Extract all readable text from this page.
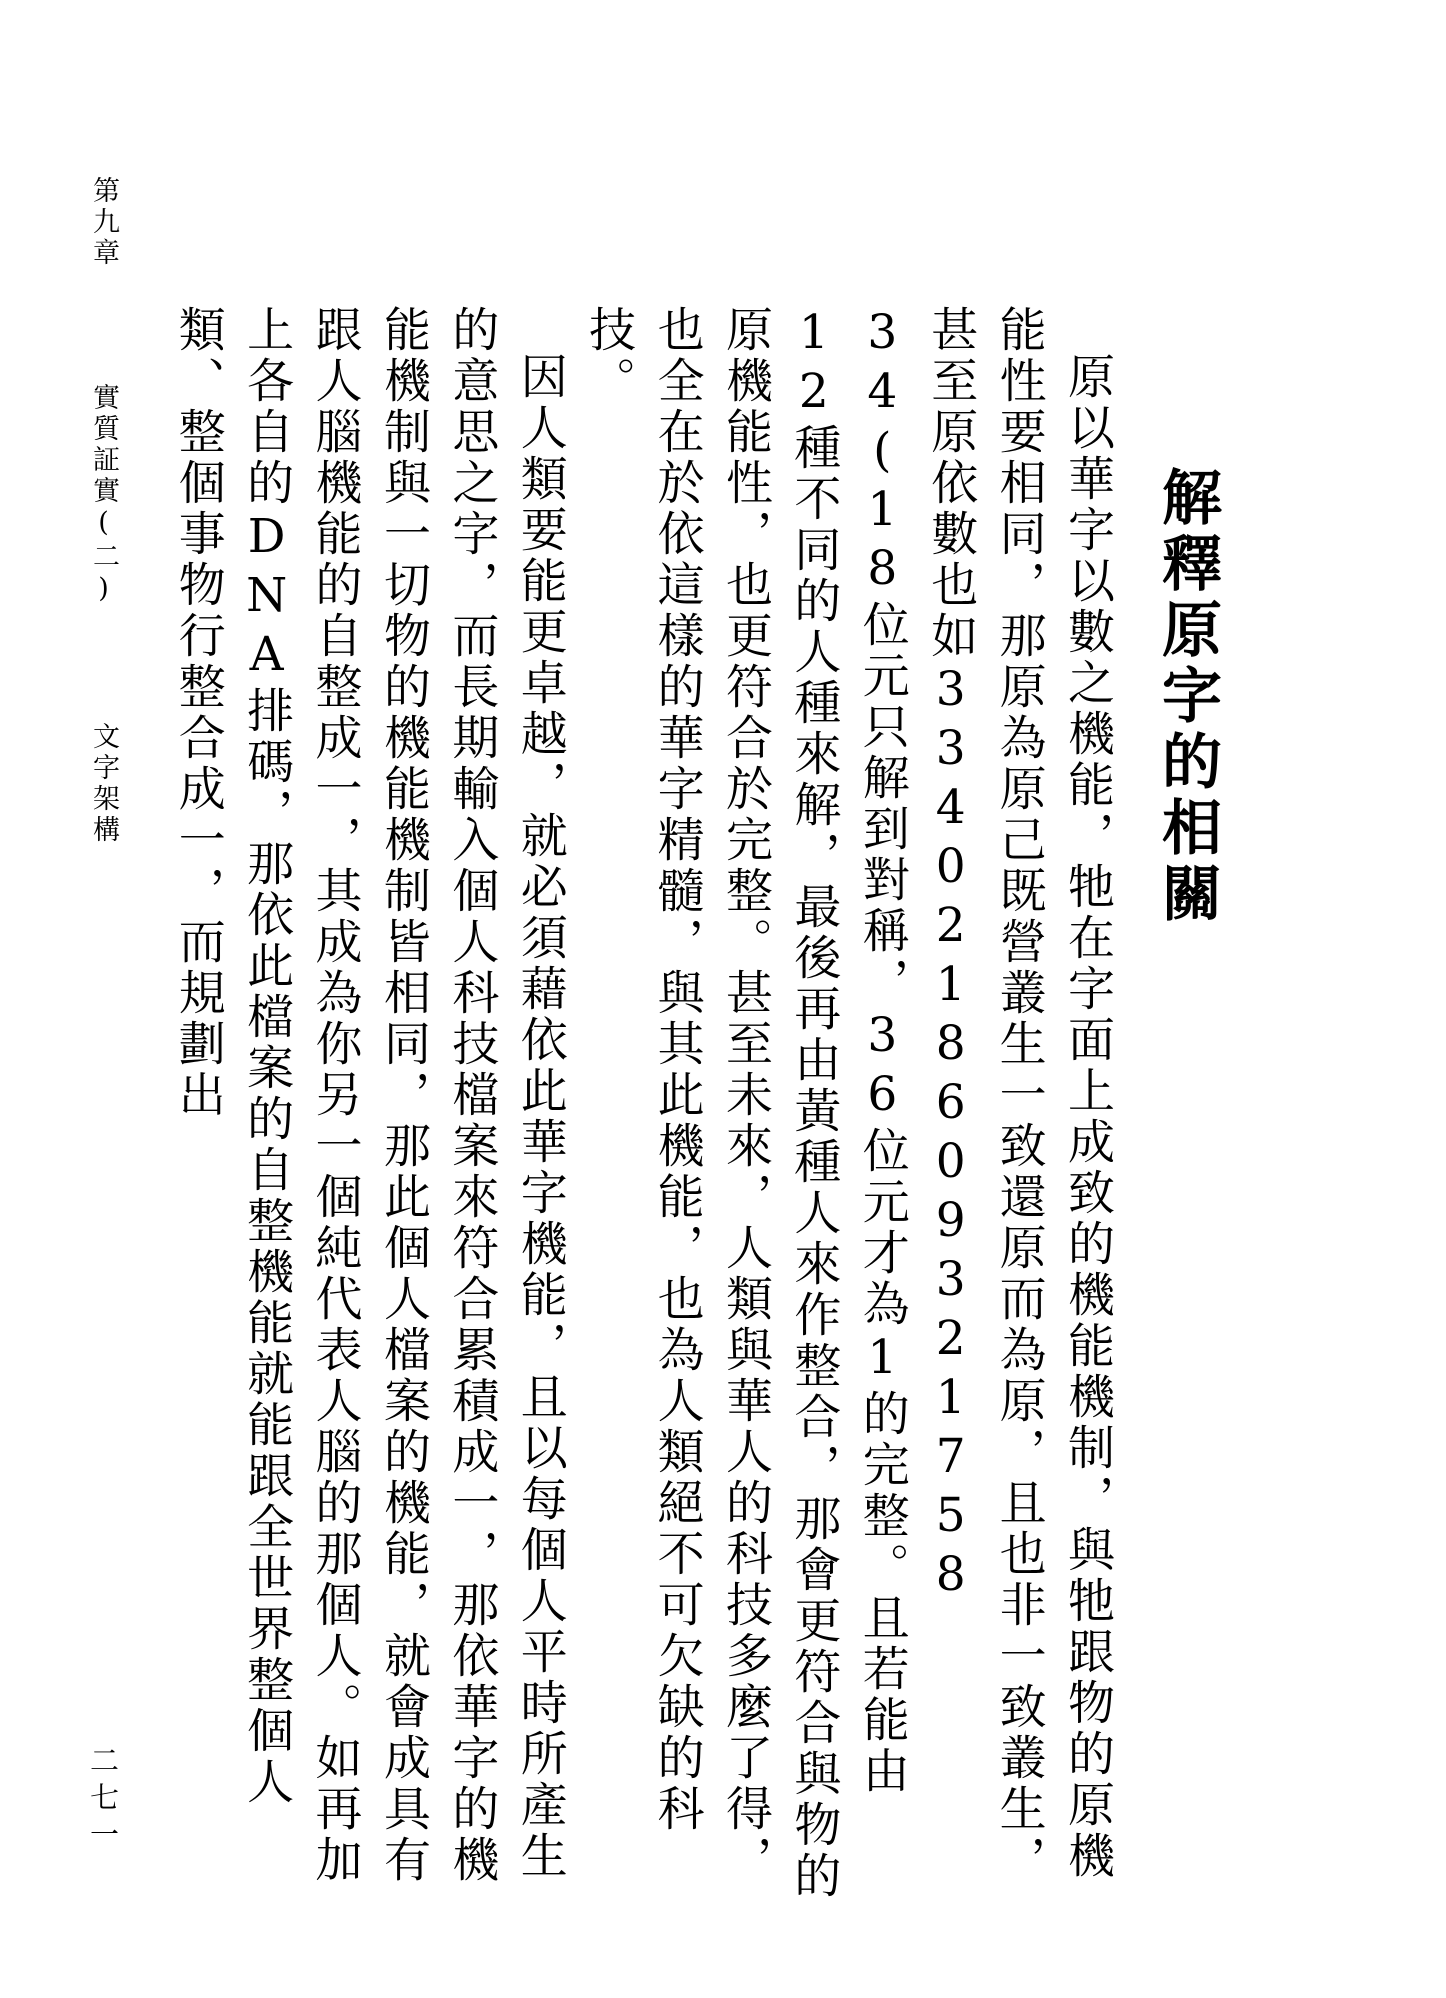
第九章  實質証實(二)  文字架構
二七一
解釋原字的相關

原以華字以數之機能，牠在字面上成致的機能機制，與牠跟物的原機能性要相同，那原為原己既營叢生一致還原而為原，且也非一致叢生，甚至原依數也如3340218609321758 34(18位元只解到對稱，36位元才為1的完整。且若能由12種不同的人種來解，最後再由黃種人來作整合，那會更符合與物的原機能性，也更符合於完整。甚至未來，人類與華人的科技多麼了得，也全在於依這樣的華字精髓，與其此機能，也為人類絕不可欠缺的科技。

因人類要能更卓越，就必須藉依此華字機能，且以每個人平時所產生的意思之字，而長期輸入個人科技檔案來符合累積成一，那依華字的機能機制與一切物的機能機制皆相同，那此個人檔案的機能，就會成具有跟人腦機能的自整成一，其成為你另一個純代表人腦的那個人。如再加上各自的DNA排碼，那依此檔案的自整機能就能跟全世界整個人類、整個事物行整合成一，而規劃出
